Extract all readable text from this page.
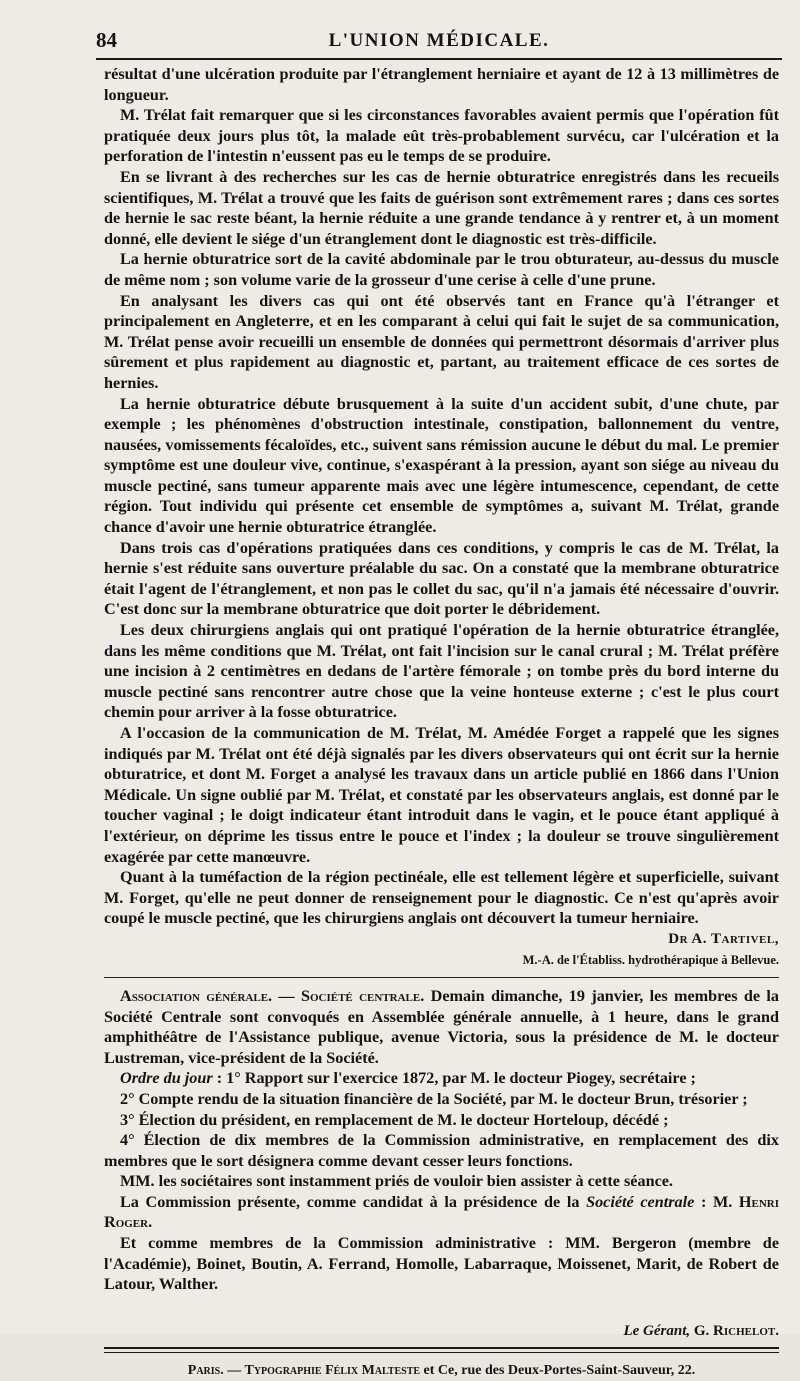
84	L'UNION MÉDICALE.

résultat d'une ulcération produite par l'étranglement herniaire et ayant de 12 à 13 millimètres de longueur.

M. Trélat fait remarquer que si les circonstances favorables avaient permis que l'opération fût pratiquée deux jours plus tôt, la malade eût très-probablement survécu, car l'ulcération et la perforation de l'intestin n'eussent pas eu le temps de se produire.

En se livrant à des recherches sur les cas de hernie obturatrice enregistrés dans les recueils scientifiques, M. Trélat a trouvé que les faits de guérison sont extrêmement rares ; dans ces sortes de hernie le sac reste béant, la hernie réduite a une grande tendance à y rentrer et, à un moment donné, elle devient le siége d'un étranglement dont le diagnostic est très-difficile.

La hernie obturatrice sort de la cavité abdominale par le trou obturateur, au-dessus du muscle de même nom ; son volume varie de la grosseur d'une cerise à celle d'une prune.

En analysant les divers cas qui ont été observés tant en France qu'à l'étranger et principalement en Angleterre, et en les comparant à celui qui fait le sujet de sa communication, M. Trélat pense avoir recueilli un ensemble de données qui permettront désormais d'arriver plus sûrement et plus rapidement au diagnostic et, partant, au traitement efficace de ces sortes de hernies.

La hernie obturatrice débute brusquement à la suite d'un accident subit, d'une chute, par exemple ; les phénomènes d'obstruction intestinale, constipation, ballonnement du ventre, nausées, vomissements fécaloïdes, etc., suivent sans rémission aucune le début du mal. Le premier symptôme est une douleur vive, continue, s'exaspérant à la pression, ayant son siége au niveau du muscle pectiné, sans tumeur apparente mais avec une légère intumescence, cependant, de cette région. Tout individu qui présente cet ensemble de symptômes a, suivant M. Trélat, grande chance d'avoir une hernie obturatrice étranglée.

Dans trois cas d'opérations pratiquées dans ces conditions, y compris le cas de M. Trélat, la hernie s'est réduite sans ouverture préalable du sac. On a constaté que la membrane obturatrice était l'agent de l'étranglement, et non pas le collet du sac, qu'il n'a jamais été nécessaire d'ouvrir. C'est donc sur la membrane obturatrice que doit porter le débridement.

Les deux chirurgiens anglais qui ont pratiqué l'opération de la hernie obturatrice étranglée, dans les même conditions que M. Trélat, ont fait l'incision sur le canal crural ; M. Trélat préfère une incision à 2 centimètres en dedans de l'artère fémorale ; on tombe près du bord interne du muscle pectiné sans rencontrer autre chose que la veine honteuse externe ; c'est le plus court chemin pour arriver à la fosse obturatrice.

A l'occasion de la communication de M. Trélat, M. Amédée Forget a rappelé que les signes indiqués par M. Trélat ont été déjà signalés par les divers observateurs qui ont écrit sur la hernie obturatrice, et dont M. Forget a analysé les travaux dans un article publié en 1866 dans l'Union Médicale. Un signe oublié par M. Trélat, et constaté par les observateurs anglais, est donné par le toucher vaginal ; le doigt indicateur étant introduit dans le vagin, et le pouce étant appliqué à l'extérieur, on déprime les tissus entre le pouce et l'index ; la douleur se trouve singulièrement exagérée par cette manœuvre.

Quant à la tuméfaction de la région pectinéale, elle est tellement légère et superficielle, suivant M. Forget, qu'elle ne peut donner de renseignement pour le diagnostic. Ce n'est qu'après avoir coupé le muscle pectiné, que les chirurgiens anglais ont découvert la tumeur herniaire.

Dr A. Tartivel,
M.-A. de l'Établiss. hydrothérapique à Bellevue.

Association générale. — Société centrale. Demain dimanche, 19 janvier, les membres de la Société Centrale sont convoqués en Assemblée générale annuelle, à 1 heure, dans le grand amphithéâtre de l'Assistance publique, avenue Victoria, sous la présidence de M. le docteur Lustreman, vice-président de la Société.

Ordre du jour : 1° Rapport sur l'exercice 1872, par M. le docteur Piogey, secrétaire ;

2° Compte rendu de la situation financière de la Société, par M. le docteur Brun, trésorier ;

3° Élection du président, en remplacement de M. le docteur Horteloup, décédé ;

4° Élection de dix membres de la Commission administrative, en remplacement des dix membres que le sort désignera comme devant cesser leurs fonctions.

MM. les sociétaires sont instamment priés de vouloir bien assister à cette séance.

La Commission présente, comme candidat à la présidence de la Société centrale : M. Henri Roger.

Et comme membres de la Commission administrative : MM. Bergeron (membre de l'Académie), Boinet, Boutin, A. Ferrand, Homolle, Labarraque, Moissenet, Marit, de Robert de Latour, Walther.

Le Gérant, G. Richelot.
Paris. — Typographie Félix Malteste et Ce, rue des Deux-Portes-Saint-Sauveur, 22.
